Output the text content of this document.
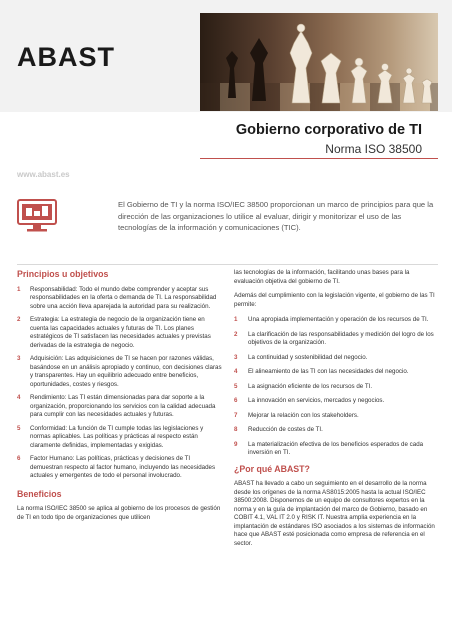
ABAST
Gobierno corporativo de TI
Norma ISO 38500
www.abast.es
El Gobierno de TI y la norma ISO/IEC 38500 proporcionan un marco de principios para que la dirección de las organizaciones lo utilice al evaluar, dirigir y monitorizar el uso de las tecnologías de la información y comunicaciones (TIC).
Principios u objetivos
1	Responsabilidad: Todo el mundo debe comprender y aceptar sus responsabilidades en la oferta o demanda de TI. La responsabilidad sobre una acción lleva aparejada la autoridad para su realización.
2	Estrategia: La estrategia de negocio de la organización tiene en cuenta las capacidades actuales y futuras de TI. Los planes estratégicos de TI satisfacen las necesidades actuales y previstas derivadas de la estrategia de negocio.
3	Adquisición: Las adquisiciones de TI se hacen por razones válidas, basándose en un análisis apropiado y continuo, con decisiones claras y transparentes. Hay un equilibrio adecuado entre beneficios, oportunidades, costes y riesgos.
4	Rendimiento: Las TI están dimensionadas para dar soporte a la organización, proporcionando los servicios con la calidad adecuada para cumplir con las necesidades actuales y futuras.
5	Conformidad: La función de TI cumple todas las legislaciones y normas aplicables. Las políticas y prácticas al respecto están claramente definidas, implementadas y exigidas.
6	Factor Humano: Las políticas, prácticas y decisiones de TI demuestran respecto al factor humano, incluyendo las necesidades actuales y emergentes de todo el personal involucrado.
Beneficios
La norma ISO/IEC 38500 se aplica al gobierno de los procesos de gestión de TI en todo tipo de organizaciones que utilicen
las tecnologías de la información, facilitando unas bases para la evaluación objetiva del gobierno de TI.
Además del cumplimiento con la legislación vigente, el gobierno de las TI permite:
1	Una apropiada implementación y operación de los recursos de TI.
2	La clarificación de las responsabilidades y medición del logro de los objetivos de la organización.
3	La continuidad y sostenibilidad del negocio.
4	El alineamiento de las TI con las necesidades del negocio.
5	La asignación eficiente de los recursos de TI.
6	La innovación en servicios, mercados y negocios.
7	Mejorar la relación con los stakeholders.
8	Reducción de costes de TI.
9	La materialización efectiva de los beneficios esperados de cada inversión en TI.
¿Por qué ABAST?
ABAST ha llevado a cabo un seguimiento en el desarrollo de la norma desde los orígenes de la norma AS8015:2005 hasta la actual ISO/IEC 38500:2008. Disponemos de un equipo de consultores expertos en la norma y en la guía de implantación del marco de Gobierno, basado en COBIT 4.1, VAL IT 2.0 y RISK IT. Nuestra amplia experiencia en la implantación de estándares ISO asociados a los sistemas de información hace que ABAST esté posicionada como empresa de referencia en el sector.
